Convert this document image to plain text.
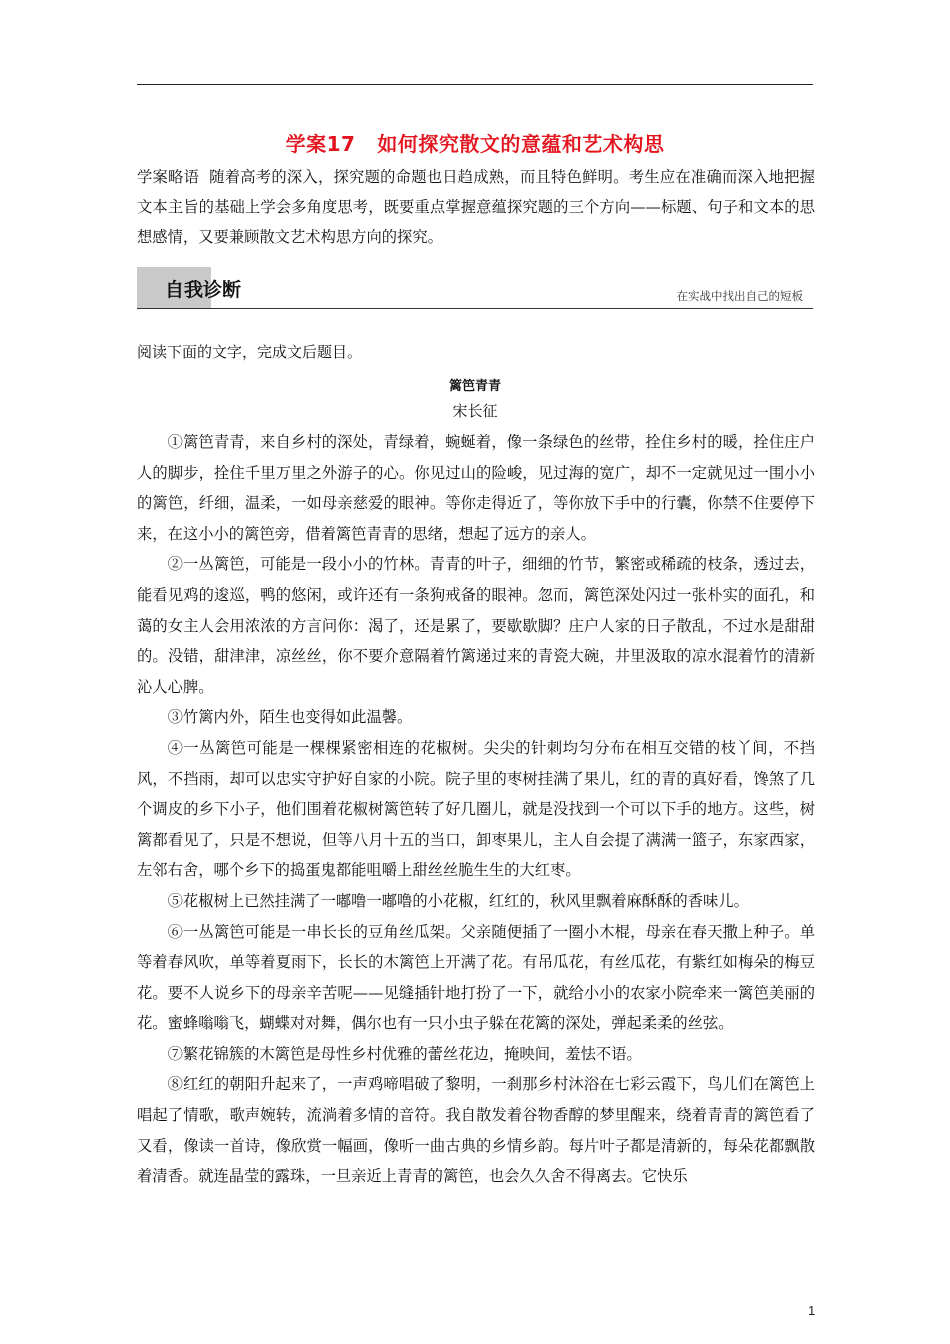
学案17 如何探究散文的意蕴和艺术构思
学案略语 随着高考的深入，探究题的命题也日趋成熟，而且特色鲜明。考生应在准确而深入地把握文本主旨的基础上学会多角度思考，既要重点掌握意蕴探究题的三个方向——标题、句子和文本的思想感情，又要兼顾散文艺术构思方向的探究。
自我诊断	在实战中找出自己的短板
阅读下面的文字，完成文后题目。
篱笆青青
宋长征

①篱笆青青，来自乡村的深处，青绿着，蜿蜒着，像一条绿色的丝带，拴住乡村的暖，拴住庄户人的脚步，拴住千里万里之外游子的心。你见过山的险峻，见过海的宽广，却不一定就见过一围小小的篱笆，纤细，温柔，一如母亲慈爱的眼神。等你走得近了，等你放下手中的行囊，你禁不住要停下来，在这小小的篱笆旁，借着篱笆青青的思绪，想起了远方的亲人。

②一丛篱笆，可能是一段小小的竹林。青青的叶子，细细的竹节，繁密或稀疏的枝条，透过去，能看见鸡的逡巡，鸭的悠闲，或许还有一条狗戒备的眼神。忽而，篱笆深处闪过一张朴实的面孔，和蔼的女主人会用浓浓的方言问你：渴了，还是累了，要歇歇脚？庄户人家的日子散乱，不过水是甜甜的。没错，甜津津，凉丝丝，你不要介意隔着竹篱递过来的青瓷大碗，井里汲取的凉水混着竹的清新沁人心脾。

③竹篱内外，陌生也变得如此温馨。

④一丛篱笆可能是一棵棵紧密相连的花椒树。尖尖的针刺均匀分布在相互交错的枝丫间，不挡风，不挡雨，却可以忠实守护好自家的小院。院子里的枣树挂满了果儿，红的青的真好看，馋煞了几个调皮的乡下小子，他们围着花椒树篱笆转了好几圈儿，就是没找到一个可以下手的地方。这些，树篱都看见了，只是不想说，但等八月十五的当口，卸枣果儿，主人自会提了满满一篮子，东家西家，左邻右舍，哪个乡下的捣蛋鬼都能咀嚼上甜丝丝脆生生的大红枣。

⑤花椒树上已然挂满了一嘟噜一嘟噜的小花椒，红红的，秋风里飘着麻酥酥的香味儿。

⑥一丛篱笆可能是一串长长的豆角丝瓜架。父亲随便插了一圈小木棍，母亲在春天撒上种子。单等着春风吹，单等着夏雨下，长长的木篱笆上开满了花。有吊瓜花，有丝瓜花，有紫红如梅朵的梅豆花。要不人说乡下的母亲辛苦呢——见缝插针地打扮了一下，就给小小的农家小院牵来一篱笆美丽的花。蜜蜂嗡嗡飞，蝴蝶对对舞，偶尔也有一只小虫子躲在花篱的深处，弹起柔柔的丝弦。

⑦繁花锦簇的木篱笆是母性乡村优雅的蕾丝花边，掩映间，羞怯不语。

⑧红红的朝阳升起来了，一声鸡啼唱破了黎明，一刹那乡村沐浴在七彩云霞下，鸟儿们在篱笆上唱起了情歌，歌声婉转，流淌着多情的音符。我自散发着谷物香醇的梦里醒来，绕着青青的篱笆看了又看，像读一首诗，像欣赏一幅画，像听一曲古典的乡情乡韵。每片叶子都是清新的，每朵花都飘散着清香。就连晶莹的露珠，一旦亲近上青青的篱笆，也会久久舍不得离去。它快乐

1
